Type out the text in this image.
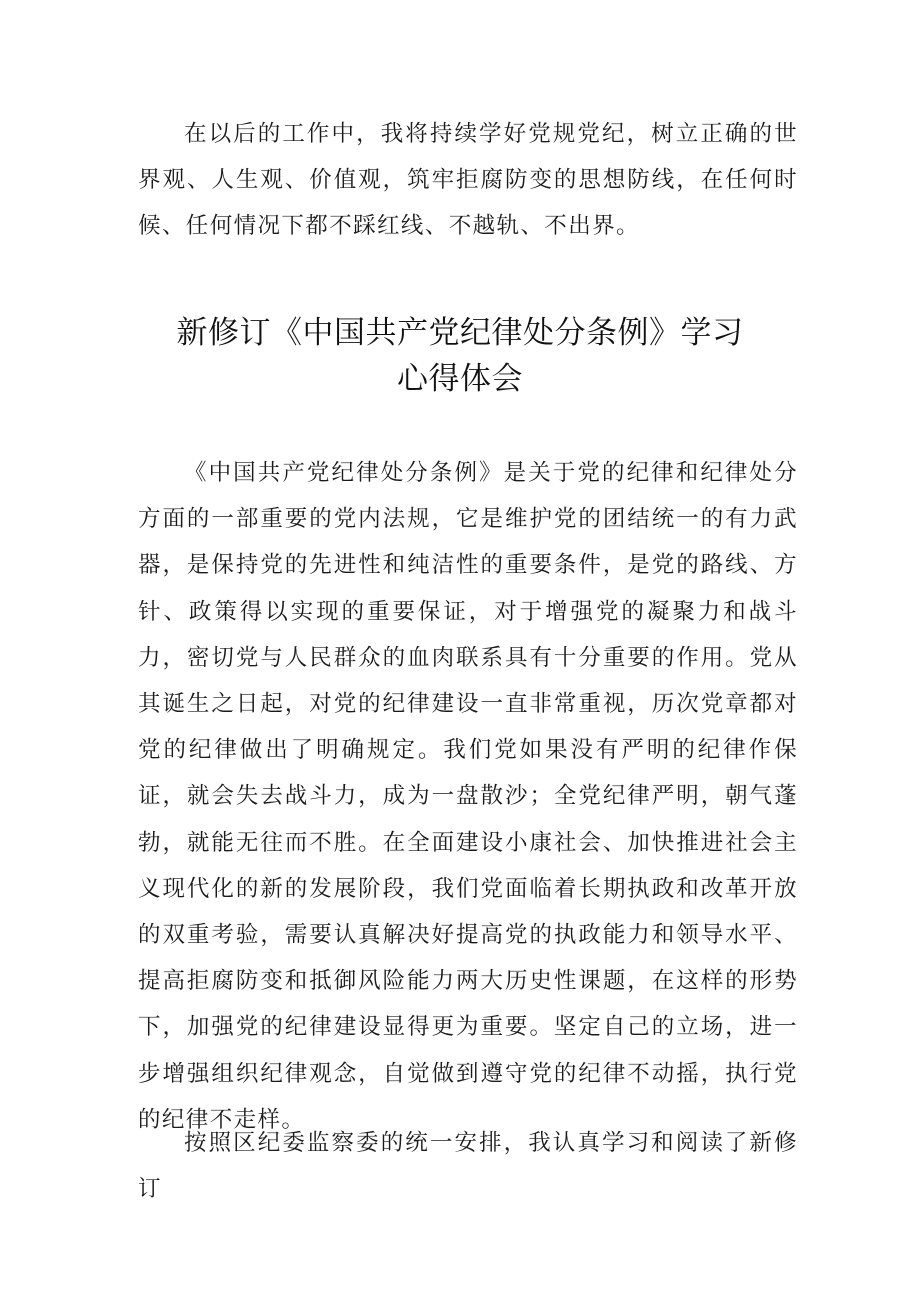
在以后的工作中，我将持续学好党规党纪，树立正确的世界观、人生观、价值观，筑牢拒腐防变的思想防线，在任何时候、任何情况下都不踩红线、不越轨、不出界。

新修订《中国共产党纪律处分条例》学习
心得体会

《中国共产党纪律处分条例》是关于党的纪律和纪律处分方面的一部重要的党内法规，它是维护党的团结统一的有力武器，是保持党的先进性和纯洁性的重要条件，是党的路线、方针、政策得以实现的重要保证，对于增强党的凝聚力和战斗力，密切党与人民群众的血肉联系具有十分重要的作用。党从其诞生之日起，对党的纪律建设一直非常重视，历次党章都对党的纪律做出了明确规定。我们党如果没有严明的纪律作保证，就会失去战斗力，成为一盘散沙；全党纪律严明，朝气蓬勃，就能无往而不胜。在全面建设小康社会、加快推进社会主义现代化的新的发展阶段，我们党面临着长期执政和改革开放的双重考验，需要认真解决好提高党的执政能力和领导水平、提高拒腐防变和抵御风险能力两大历史性课题，在这样的形势下，加强党的纪律建设显得更为重要。坚定自己的立场，进一步增强组织纪律观念，自觉做到遵守党的纪律不动摇，执行党的纪律不走样。

按照区纪委监察委的统一安排，我认真学习和阅读了新修订
